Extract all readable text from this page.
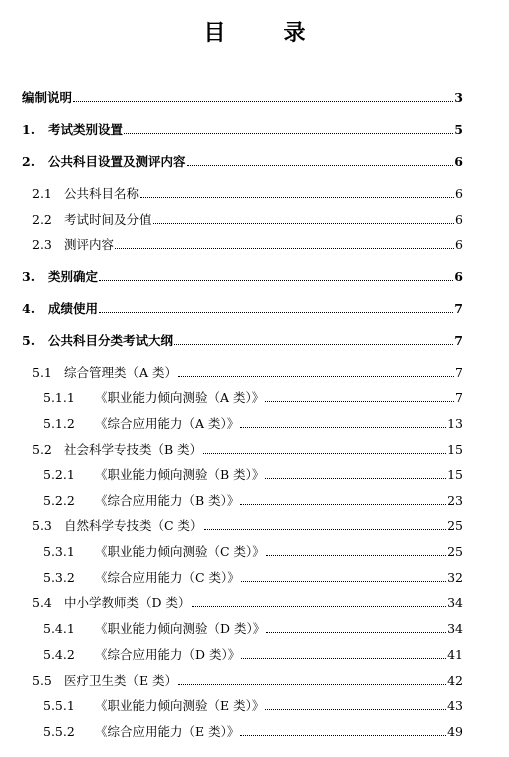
目	录
编制说明	3
1.	考试类别设置	5
2.	公共科目设置及测评内容	6
2.1 公共科目名称	6
2.2 考试时间及分值	6
2.3 测评内容	6
3.	类别确定	6
4.	成绩使用	7
5.	公共科目分类考试大纲	7
5.1 综合管理类（A 类）	7
5.1.1	《职业能力倾向测验（A 类）》	7
5.1.2	《综合应用能力（A 类）》	13
5.2 社会科学专技类（B 类）	15
5.2.1	《职业能力倾向测验（B 类）》	15
5.2.2	《综合应用能力（B 类）》	23
5.3 自然科学专技类（C 类）	25
5.3.1	《职业能力倾向测验（C 类）》	25
5.3.2	《综合应用能力（C 类）》	32
5.4 中小学教师类（D 类）	34
5.4.1	《职业能力倾向测验（D 类）》	34
5.4.2	《综合应用能力（D 类）》	41
5.5 医疗卫生类（E 类）	42
5.5.1	《职业能力倾向测验（E 类）》	43
5.5.2	《综合应用能力（E 类）》	49
